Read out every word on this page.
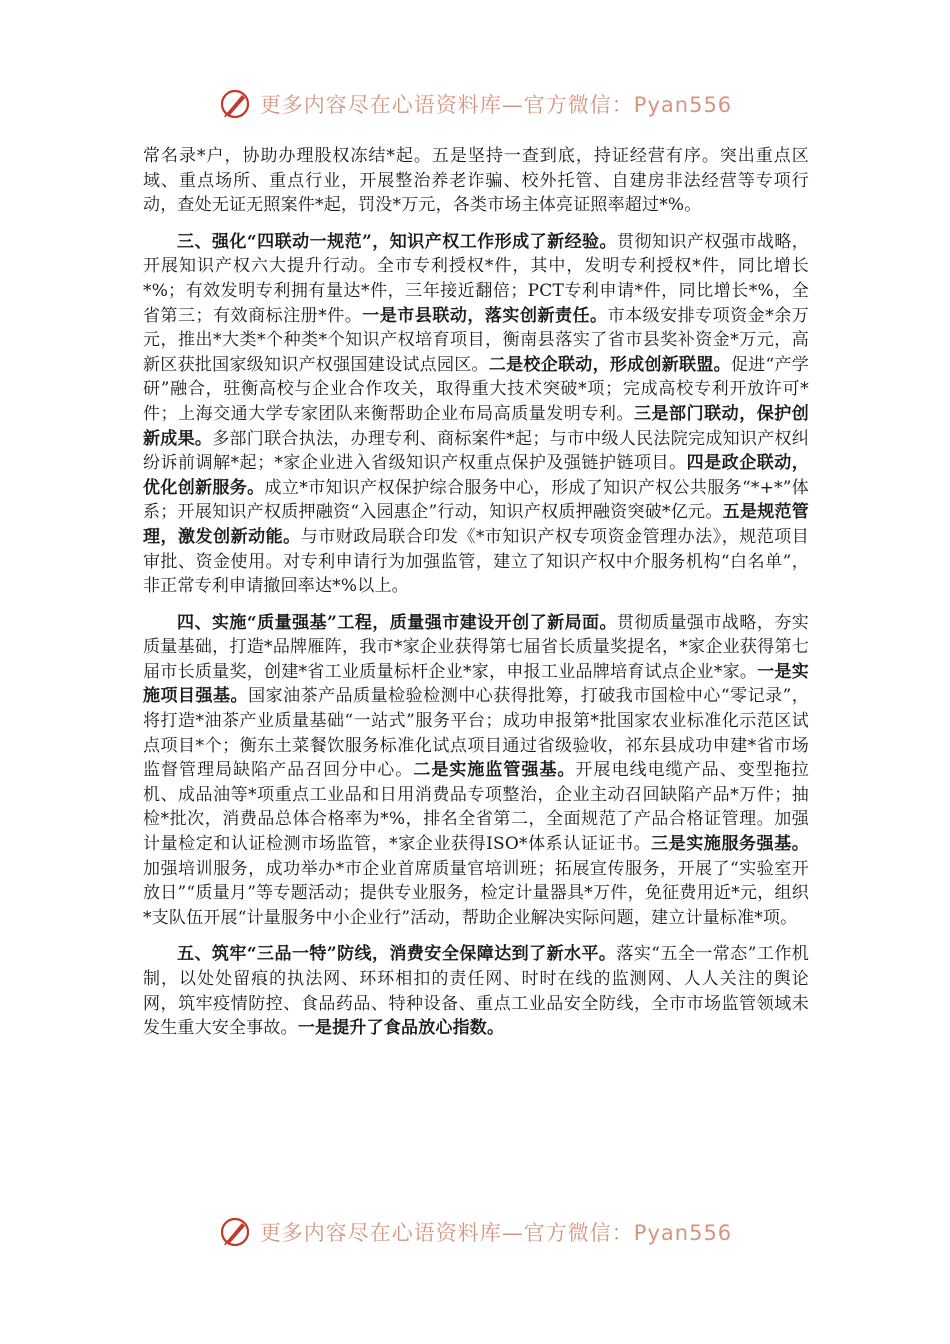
更多内容尽在心语资料库—官方微信：Pyan556

常名录*户，协助办理股权冻结*起。五是坚持一查到底，持证经营有序。突出重点区域、重点场所、重点行业，开展整治养老诈骗、校外托管、自建房非法经营等专项行动，查处无证无照案件*起，罚没*万元，各类市场主体亮证照率超过*%。

三、强化“四联动一规范”，知识产权工作形成了新经验。贯彻知识产权强市战略，开展知识产权六大提升行动。全市专利授权*件，其中，发明专利授权*件，同比增长*%；有效发明专利拥有量达*件，三年接近翻倍；PCT专利申请*件，同比增长*%，全省第三；有效商标注册*件。一是市县联动，落实创新责任。市本级安排专项资金*余万元，推出*大类*个种类*个知识产权培育项目，衡南县落实了省市县奖补资金*万元，高新区获批国家级知识产权强国建设试点园区。二是校企联动，形成创新联盟。促进“产学研”融合，驻衡高校与企业合作攻关，取得重大技术突破*项；完成高校专利开放许可*件；上海交通大学专家团队来衡帮助企业布局高质量发明专利。三是部门联动，保护创新成果。多部门联合执法，办理专利、商标案件*起；与市中级人民法院完成知识产权纠纷诉前调解*起；*家企业进入省级知识产权重点保护及强链护链项目。四是政企联动，优化创新服务。成立*市知识产权保护综合服务中心，形成了知识产权公共服务“*+*”体系；开展知识产权质押融资“入园惠企”行动，知识产权质押融资突破*亿元。五是规范管理，激发创新动能。与市财政局联合印发《*市知识产权专项资金管理办法》，规范项目审批、资金使用。对专利申请行为加强监管，建立了知识产权中介服务机构“白名单”，非正常专利申请撤回率达*%以上。

四、实施“质量强基”工程，质量强市建设开创了新局面。贯彻质量强市战略，夯实质量基础，打造*品牌雁阵，我市*家企业获得第七届省长质量奖提名，*家企业获得第七届市长质量奖，创建*省工业质量标杆企业*家，申报工业品牌培育试点企业*家。一是实施项目强基。国家油茶产品质量检验检测中心获得批筹，打破我市国检中心“零记录”，将打造*油茶产业质量基础“一站式”服务平台；成功申报第*批国家农业标准化示范区试点项目*个；衡东土菜餐饮服务标准化试点项目通过省级验收，祁东县成功申建*省市场监督管理局缺陷产品召回分中心。二是实施监管强基。开展电线电缆产品、变型拖拉机、成品油等*项重点工业品和日用消费品专项整治，企业主动召回缺陷产品*万件；抽检*批次，消费品总体合格率为*%，排名全省第二，全面规范了产品合格证管理。加强计量检定和认证检测市场监管，*家企业获得ISO*体系认证证书。三是实施服务强基。加强培训服务，成功举办*市企业首席质量官培训班；拓展宣传服务，开展了“实验室开放日”“质量月”等专题活动；提供专业服务，检定计量器具*万件，免征费用近*元，组织*支队伍开展“计量服务中小企业行”活动，帮助企业解决实际问题，建立计量标准*项。

五、筑牢“三品一特”防线，消费安全保障达到了新水平。落实“五全一常态”工作机制，以处处留痕的执法网、环环相扣的责任网、时时在线的监测网、人人关注的舆论网，筑牢疫情防控、食品药品、特种设备、重点工业品安全防线，全市市场监管领域未发生重大安全事故。一是提升了食品放心指数。

更多内容尽在心语资料库—官方微信：Pyan556
